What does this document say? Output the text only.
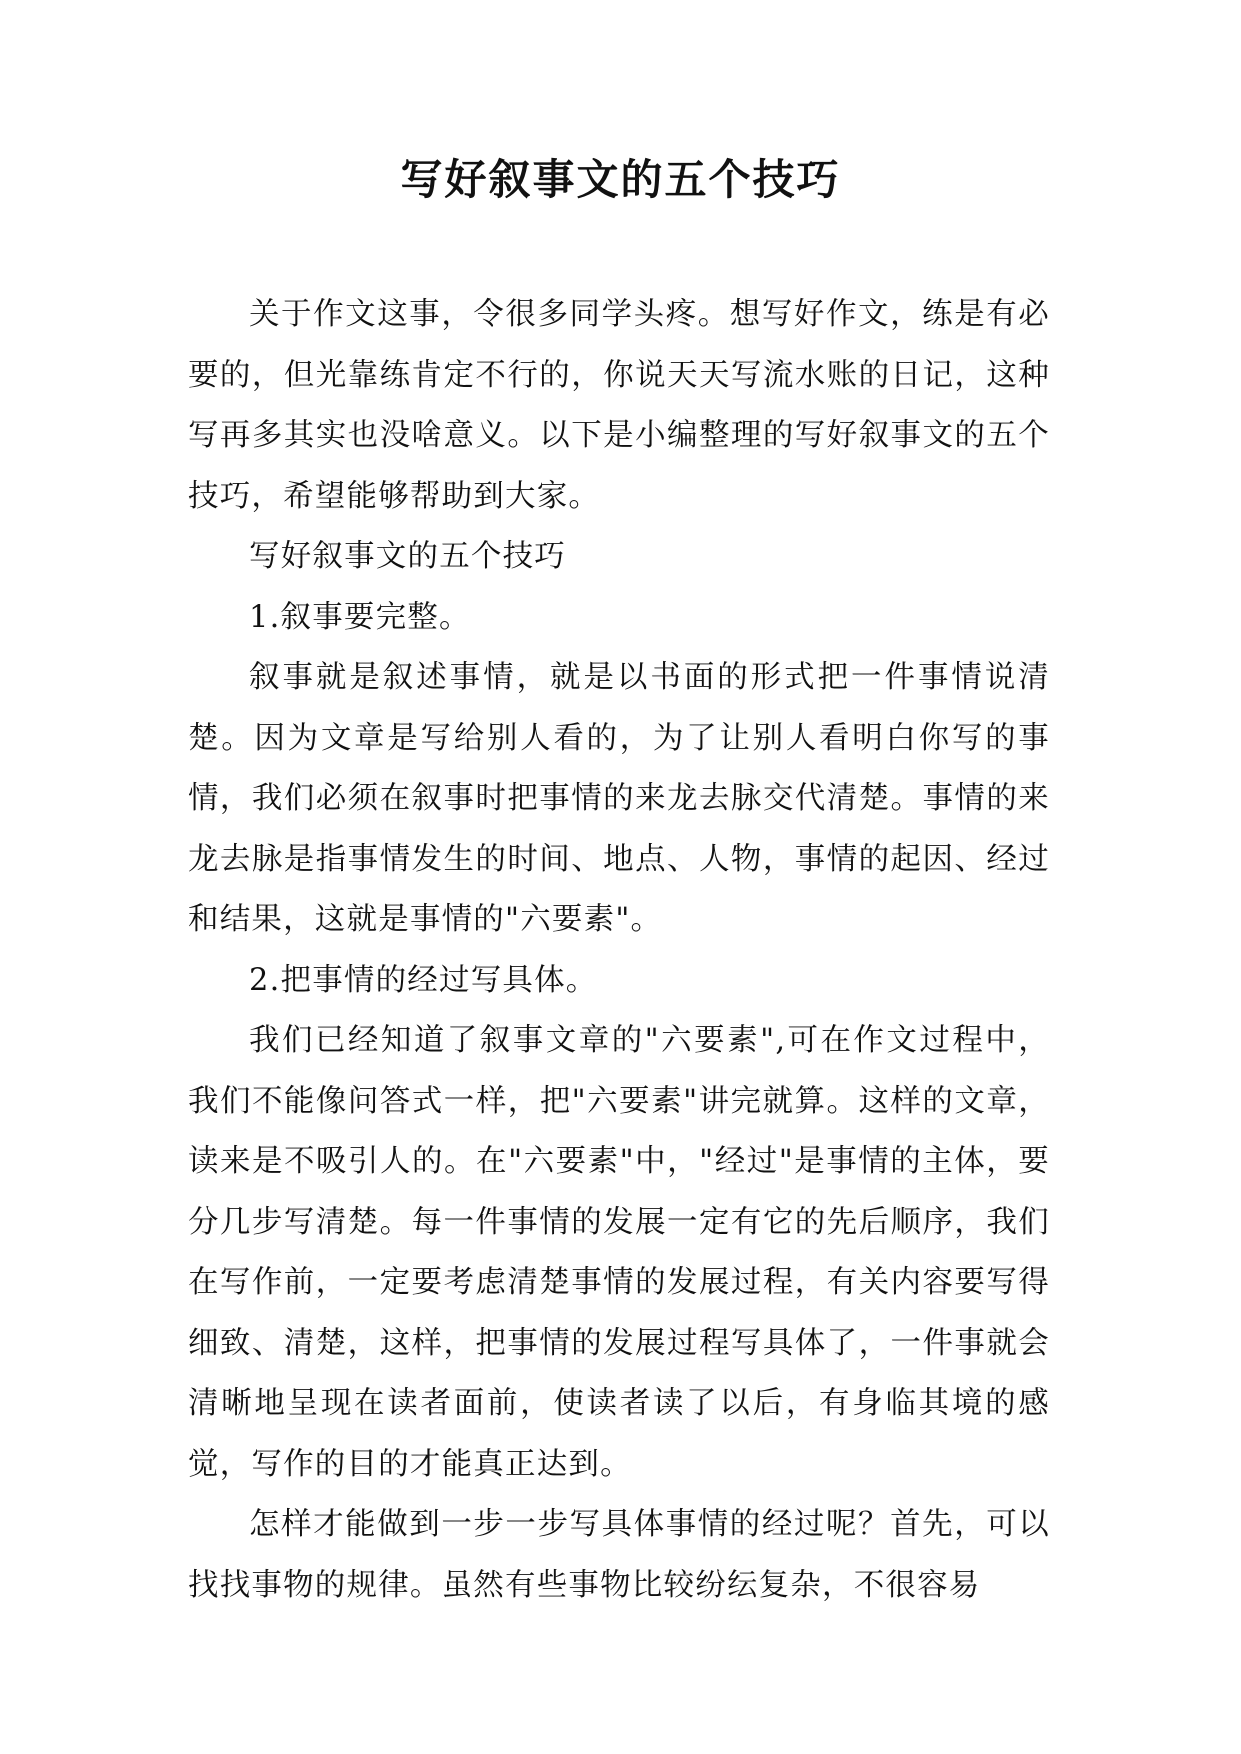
写好叙事文的五个技巧

关于作文这事，令很多同学头疼。想写好作文，练是有必要的，但光靠练肯定不行的，你说天天写流水账的日记，这种写再多其实也没啥意义。以下是小编整理的写好叙事文的五个技巧，希望能够帮助到大家。

写好叙事文的五个技巧

1.叙事要完整。

叙事就是叙述事情，就是以书面的形式把一件事情说清楚。因为文章是写给别人看的，为了让别人看明白你写的事情，我们必须在叙事时把事情的来龙去脉交代清楚。事情的来龙去脉是指事情发生的时间、地点、人物，事情的起因、经过和结果，这就是事情的"六要素"。

2.把事情的经过写具体。

我们已经知道了叙事文章的"六要素",可在作文过程中，我们不能像问答式一样，把"六要素"讲完就算。这样的文章，读来是不吸引人的。在"六要素"中，"经过"是事情的主体，要分几步写清楚。每一件事情的发展一定有它的先后顺序，我们在写作前，一定要考虑清楚事情的发展过程，有关内容要写得细致、清楚，这样，把事情的发展过程写具体了，一件事就会清晰地呈现在读者面前，使读者读了以后，有身临其境的感觉，写作的目的才能真正达到。

怎样才能做到一步一步写具体事情的经过呢？首先，可以找找事物的规律。虽然有些事物比较纷纭复杂，不很容易
